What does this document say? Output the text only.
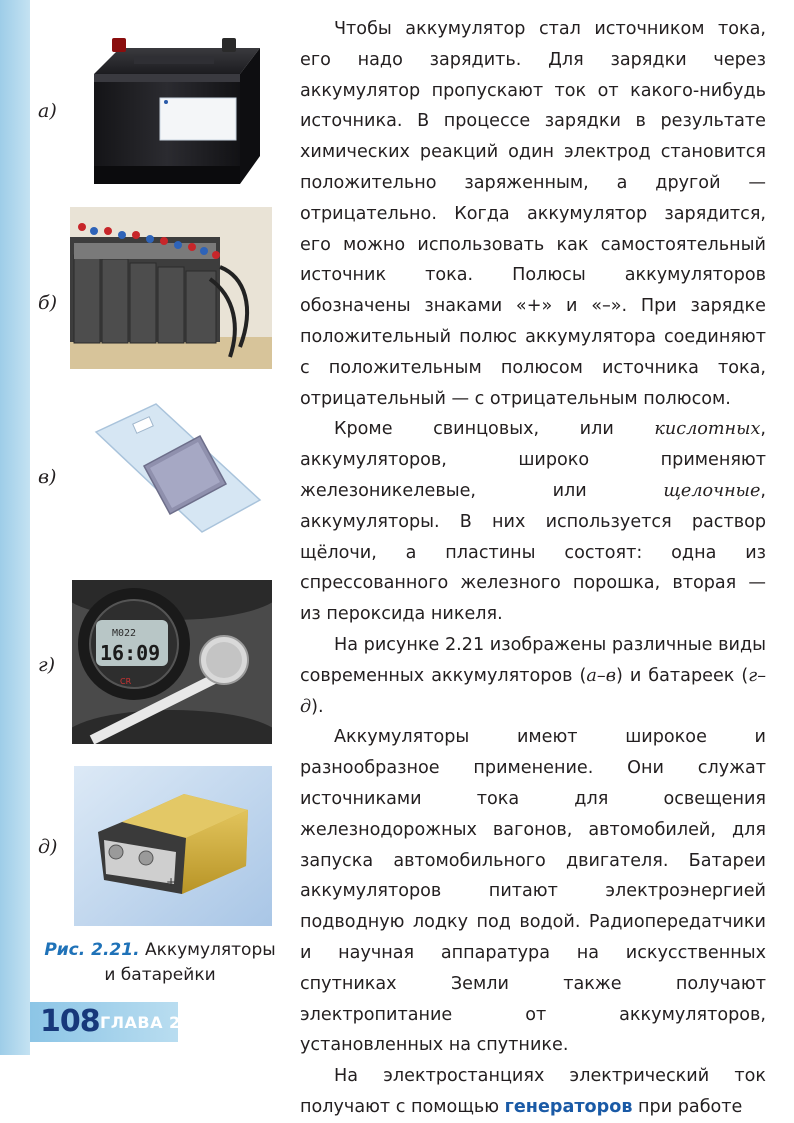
а)
б)
в)
г)
д)
M022
16:09
CR
+
Рис. 2.21. Аккумуляторы
и батарейки

Чтобы аккумулятор стал источником тока, его надо зарядить. Для зарядки через аккумулятор пропускают ток от какого-нибудь источника. В процессе зарядки в результате химических реакций один электрод становится положительно заряженным, а другой — отрицательно. Когда аккумулятор зарядится, его можно использовать как самостоятельный источник тока. Полюсы аккумуляторов обозначены знаками «+» и «–». При зарядке положительный полюс аккумулятора соединяют с положительным полюсом источника тока, отрицательный — с отрицательным полюсом.

Кроме свинцовых, или кислотных, аккумуляторов, широко применяют железоникелевые, или щелочные, аккумуляторы. В них используется раствор щёлочи, а пластины состоят: одна из спрессованного железного порошка, вторая — из пероксида никеля.

На рисунке 2.21 изображены различные виды современных аккумуляторов (а–в) и батареек (г–д).

Аккумуляторы имеют широкое и разнообразное применение. Они служат источниками тока для освещения железнодорожных вагонов, автомобилей, для запуска автомобильного двигателя. Батареи аккумуляторов питают электроэнергией подводную лодку под водой. Радиопередатчики и научная аппаратура на искусственных спутниках Земли также получают электропитание от аккумуляторов, установленных на спутнике.

На электростанциях электрический ток получают с помощью генераторов при работе

108 ГЛАВА 2
